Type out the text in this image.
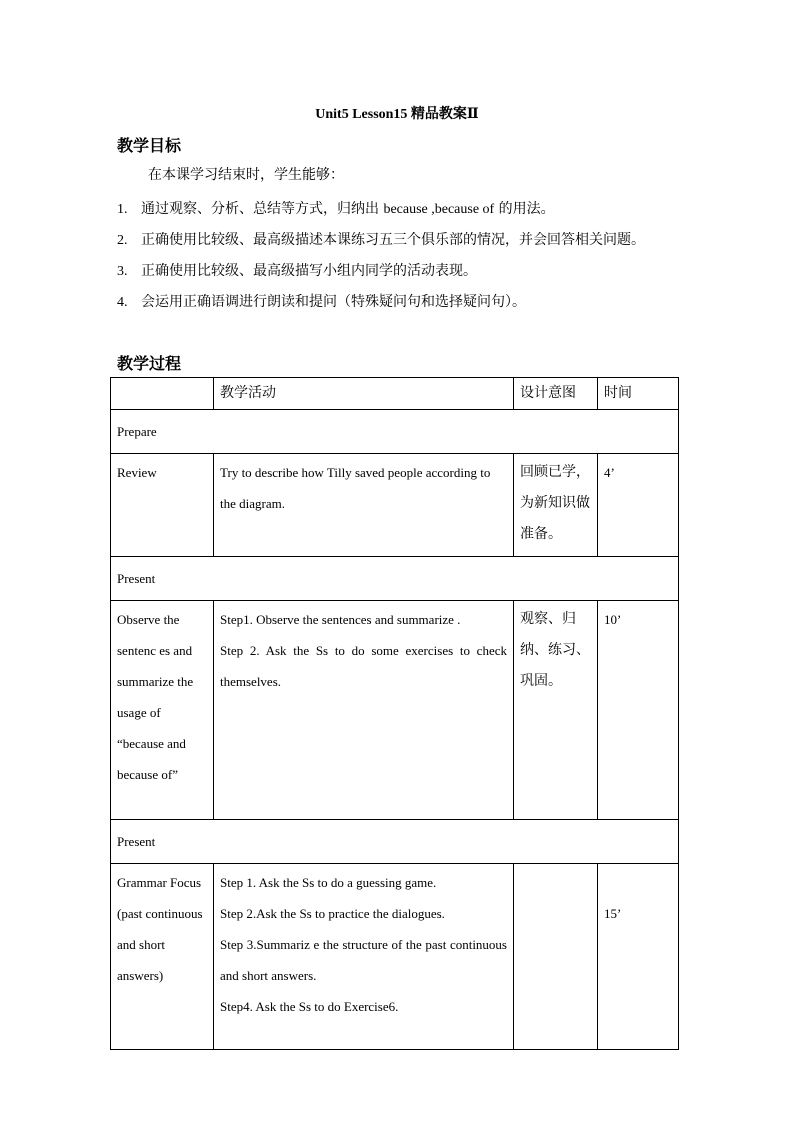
Unit5 Lesson15 精品教案Ⅱ
教学目标
在本课学习结束时，学生能够：
1. 通过观察、分析、总结等方式，归纳出 because ,because of 的用法。
2. 正确使用比较级、最高级描述本课练习五三个俱乐部的情况，并会回答相关问题。
3. 正确使用比较级、最高级描写小组内同学的活动表现。
4. 会运用正确语调进行朗读和提问（特殊疑问句和选择疑问句）。
教学过程
	教学活动	设计意图	时间
Prepare			
Review	Try to describe how Tilly saved people according to the diagram.	回顾已学，为新知识做准备。	4’
Present			
Observe the sentenc es and summarize the usage of “because and because of”	Step1. Observe the sentences and summarize .
Step 2. Ask the Ss to do some exercises to check themselves.	观察、归纳、练习、巩固。	10’
Present			
Grammar Focus (past continuous and short answers)	Step 1. Ask the Ss to do a guessing game.
Step 2.Ask the Ss to practice the dialogues.
Step 3.Summariz e the structure of the past continuous and short answers.
Step4. Ask the Ss to do Exercise6.		15’
